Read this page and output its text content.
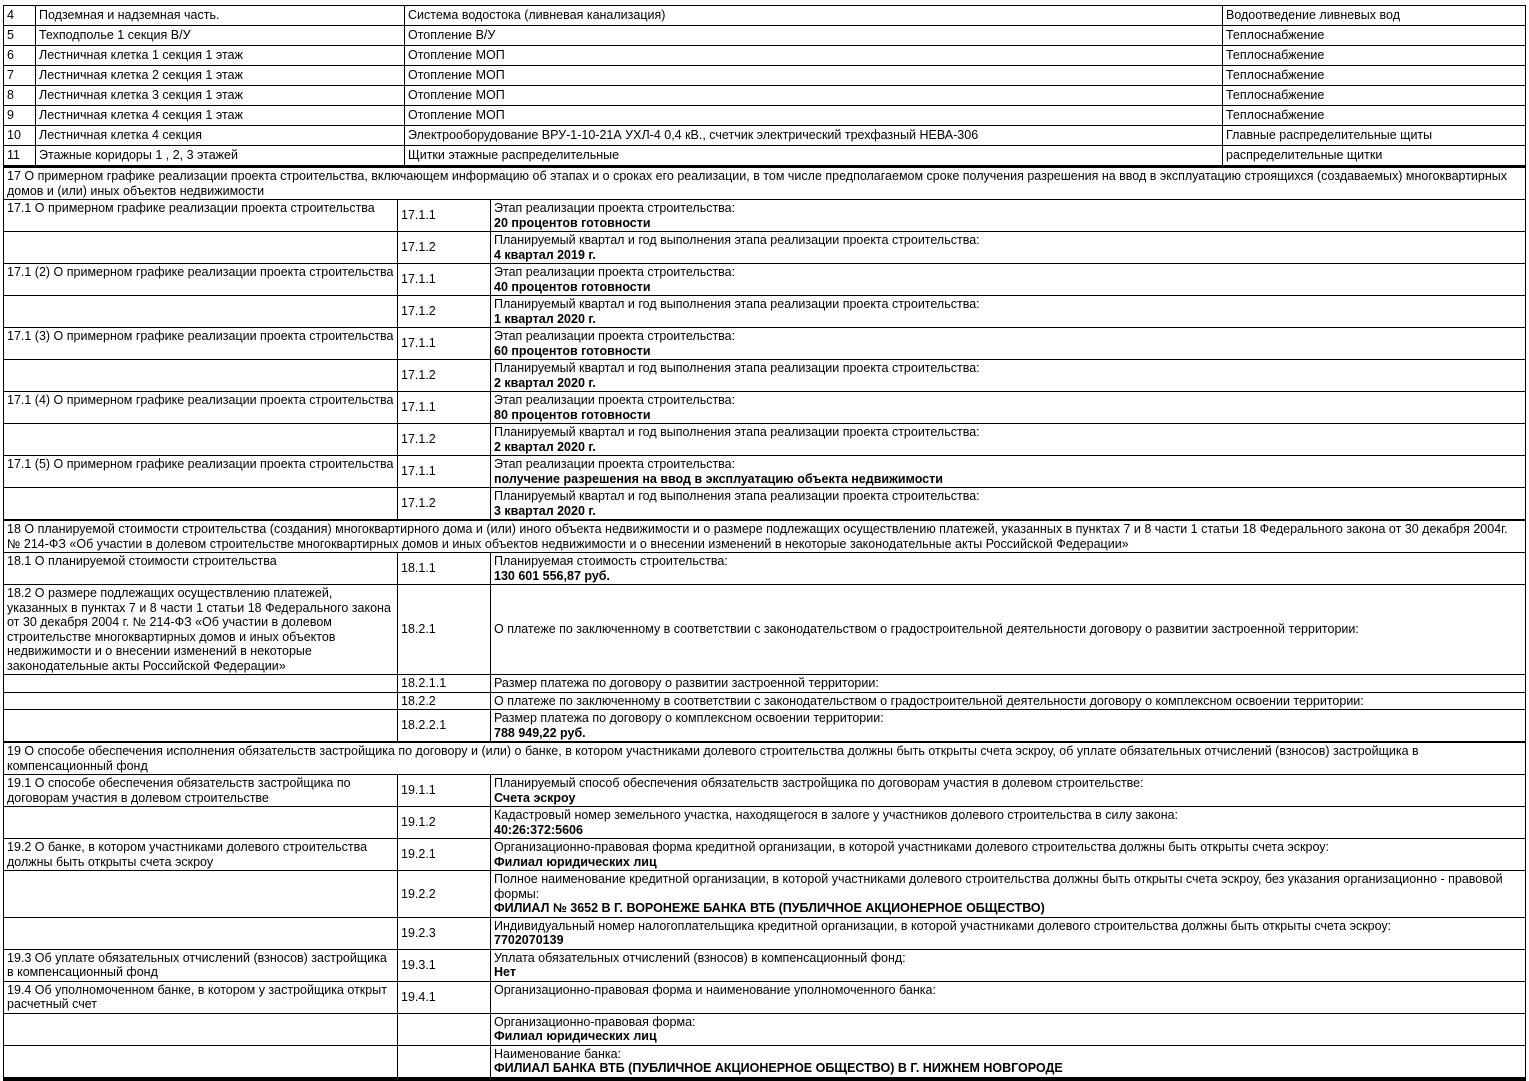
4	Подземная и надземная часть.	Система водостока (ливневая канализация)	Водоотведение ливневых вод
5	Техподполье 1 секция В/У	Отопление В/У	Теплоснабжение
6	Лестничная клетка 1 секция 1 этаж	Отопление МОП	Теплоснабжение
7	Лестничная клетка 2 секция 1 этаж	Отопление МОП	Теплоснабжение
8	Лестничная клетка 3 секция 1 этаж	Отопление МОП	Теплоснабжение
9	Лестничная клетка 4 секция 1 этаж	Отопление МОП	Теплоснабжение
10	Лестничная клетка 4 секция	Электрооборудование ВРУ-1-10-21А УХЛ-4 0,4 кВ., счетчик электрический трехфазный НЕВА-306	Главные распределительные щиты
11	Этажные коридоры 1 , 2, 3 этажей	Щитки этажные распределительные	распределительные щитки
17 О примерном графике реализации проекта строительства, включающем информацию об этапах и о сроках его реализации, в том числе предполагаемом сроке получения разрешения на ввод в эксплуатацию строящихся (создаваемых) многоквартирных домов и (или) иных объектов недвижимости		
17.1 О примерном графике реализации проекта строительства	17.1.1	Этап реализации проекта строительства:
20 процентов готовности

	17.1.2	Планируемый квартал и год выполнения этапа реализации проекта строительства:
4 квартал 2019 г.

17.1 (2) О примерном графике реализации проекта строительства	17.1.1	Этап реализации проекта строительства:
40 процентов готовности

	17.1.2	Планируемый квартал и год выполнения этапа реализации проекта строительства:
1 квартал 2020 г.

17.1 (3) О примерном графике реализации проекта строительства	17.1.1	Этап реализации проекта строительства:
60 процентов готовности

	17.1.2	Планируемый квартал и год выполнения этапа реализации проекта строительства:
2 квартал 2020 г.

17.1 (4) О примерном графике реализации проекта строительства	17.1.1	Этап реализации проекта строительства:
80 процентов готовности

	17.1.2	Планируемый квартал и год выполнения этапа реализации проекта строительства:
2 квартал 2020 г.

17.1 (5) О примерном графике реализации проекта строительства	17.1.1	Этап реализации проекта строительства:
получение разрешения на ввод в эксплуатацию объекта недвижимости

	17.1.2	Планируемый квартал и год выполнения этапа реализации проекта строительства:
3 квартал 2020 г.

18 О планируемой стоимости строительства (создания) многоквартирного дома и (или) иного объекта недвижимости и о размере подлежащих осуществлению платежей, указанных в пунктах 7 и 8 части 1 статьи 18 Федерального закона от 30 декабря 2004г. № 214-ФЗ «Об участии в долевом строительстве многоквартирных домов и иных объектов недвижимости и о внесении изменений в некоторые законодательные акты Российской Федерации»		
18.1 О планируемой стоимости строительства	18.1.1	Планируемая стоимость строительства:
130 601 556,87 руб.

18.2 О размере подлежащих осуществлению платежей, указанных в пунктах 7 и 8 части 1 статьи 18 Федерального закона от 30 декабря 2004 г. № 214-ФЗ «Об участии в долевом строительстве многоквартирных домов и иных объектов недвижимости и о внесении изменений в некоторые законодательные акты Российской Федерации»	18.2.1	О платеже по заключенному в соответствии с законодательством о градостроительной деятельности договору о развитии застроенной территории:

	18.2.1.1	Размер платежа по договору о развитии застроенной территории:

	18.2.2	О платеже по заключенному в соответствии с законодательством о градостроительной деятельности договору о комплексном освоении территории:

	18.2.2.1	Размер платежа по договору о комплексном освоении территории:
788 949,22 руб.

19 О способе обеспечения исполнения обязательств застройщика по договору и (или) о банке, в котором участниками долевого строительства должны быть открыты счета эскроу, об уплате обязательных отчислений (взносов) застройщика в компенсационный фонд		
19.1 О способе обеспечения обязательств застройщика по договорам участия в долевом строительстве	19.1.1	Планируемый способ обеспечения обязательств застройщика по договорам участия в долевом строительстве:
Счета эскроу

	19.1.2	Кадастровый номер земельного участка, находящегося в залоге у участников долевого строительства в силу закона:
40:26:372:5606

19.2 О банке, в котором участниками долевого строительства должны быть открыты счета эскроу	19.2.1	Организационно-правовая форма кредитной организации, в которой участниками долевого строительства должны быть открыты счета эскроу:
Филиал юридических лиц

	19.2.2	Полное наименование кредитной организации, в которой участниками долевого строительства должны быть открыты счета эскроу, без указания организационно - правовой формы:
ФИЛИАЛ № 3652 В Г. ВОРОНЕЖЕ БАНКА ВТБ (ПУБЛИЧНОЕ АКЦИОНЕРНОЕ ОБЩЕСТВО)

	19.2.3	Индивидуальный номер налогоплательщика кредитной организации, в которой участниками долевого строительства должны быть открыты счета эскроу:
7702070139

19.3 Об уплате обязательных отчислений (взносов) застройщика в компенсационный фонд	19.3.1	Уплата обязательных отчислений (взносов) в компенсационный фонд:
Нет

19.4 Об уполномоченном банке, в котором у застройщика открыт расчетный счет	19.4.1	Организационно-правовая форма и наименование уполномоченного банка:

		Организационно-правовая форма:
Филиал юридических лиц

		Наименование банка:
ФИЛИАЛ БАНКА ВТБ (ПУБЛИЧНОЕ АКЦИОНЕРНОЕ ОБЩЕСТВО) В Г. НИЖНЕМ НОВГОРОДЕ
